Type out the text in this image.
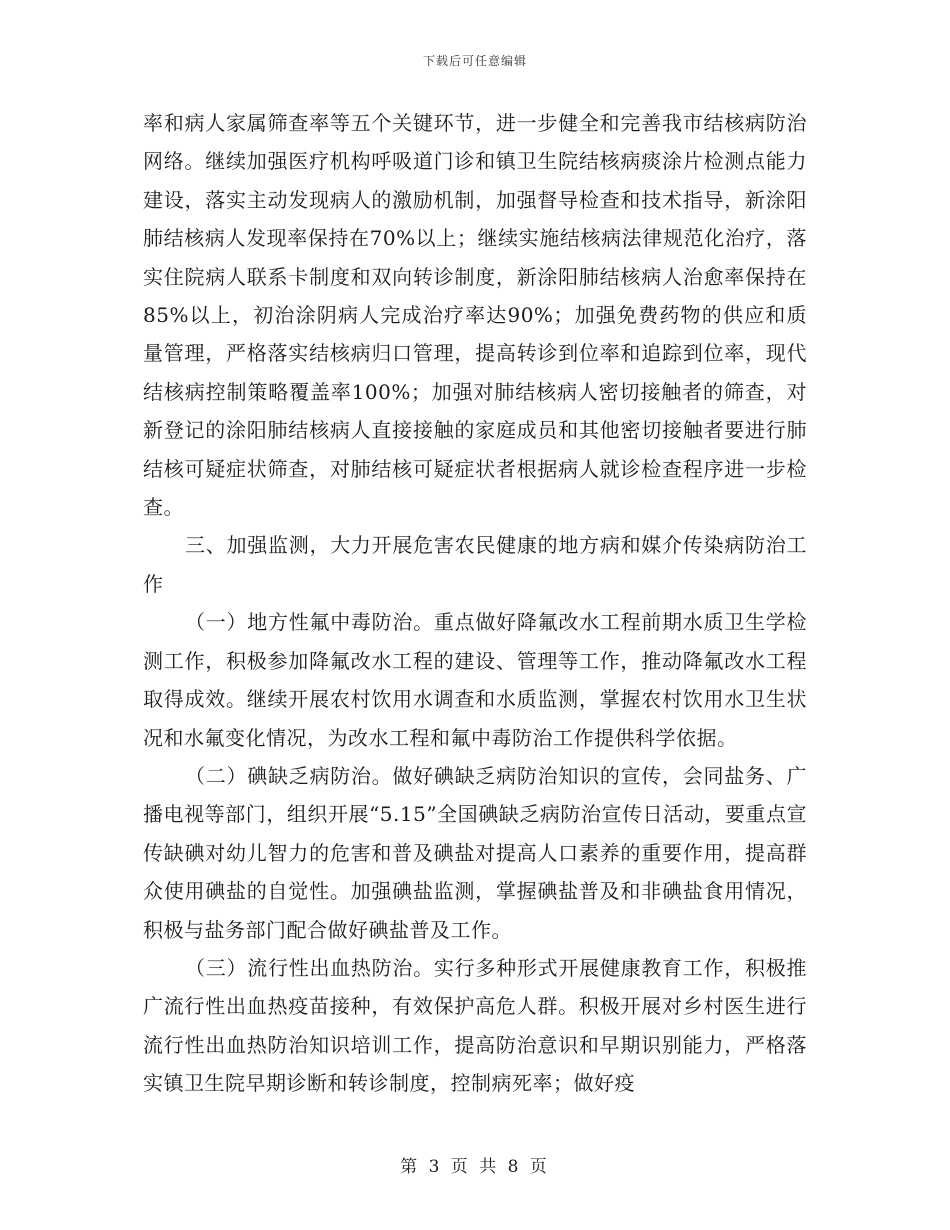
下载后可任意编辑

率和病人家属筛查率等五个关键环节，进一步健全和完善我市结核病防治网络。继续加强医疗机构呼吸道门诊和镇卫生院结核病痰涂片检测点能力建设，落实主动发现病人的激励机制，加强督导检查和技术指导，新涂阳肺结核病人发现率保持在70%以上；继续实施结核病法律规范化治疗，落实住院病人联系卡制度和双向转诊制度，新涂阳肺结核病人治愈率保持在85%以上，初治涂阴病人完成治疗率达90%；加强免费药物的供应和质量管理，严格落实结核病归口管理，提高转诊到位率和追踪到位率，现代结核病控制策略覆盖率100%；加强对肺结核病人密切接触者的筛查，对新登记的涂阳肺结核病人直接接触的家庭成员和其他密切接触者要进行肺结核可疑症状筛查，对肺结核可疑症状者根据病人就诊检查程序进一步检查。

三、加强监测，大力开展危害农民健康的地方病和媒介传染病防治工作

（一）地方性氟中毒防治。重点做好降氟改水工程前期水质卫生学检测工作，积极参加降氟改水工程的建设、管理等工作，推动降氟改水工程取得成效。继续开展农村饮用水调查和水质监测，掌握农村饮用水卫生状况和水氟变化情况，为改水工程和氟中毒防治工作提供科学依据。

（二）碘缺乏病防治。做好碘缺乏病防治知识的宣传，会同盐务、广播电视等部门，组织开展“5.15”全国碘缺乏病防治宣传日活动，要重点宣传缺碘对幼儿智力的危害和普及碘盐对提高人口素养的重要作用，提高群众使用碘盐的自觉性。加强碘盐监测，掌握碘盐普及和非碘盐食用情况，积极与盐务部门配合做好碘盐普及工作。

（三）流行性出血热防治。实行多种形式开展健康教育工作，积极推广流行性出血热疫苗接种，有效保护高危人群。积极开展对乡村医生进行流行性出血热防治知识培训工作，提高防治意识和早期识别能力，严格落实镇卫生院早期诊断和转诊制度，控制病死率；做好疫

第 3 页 共 8 页
